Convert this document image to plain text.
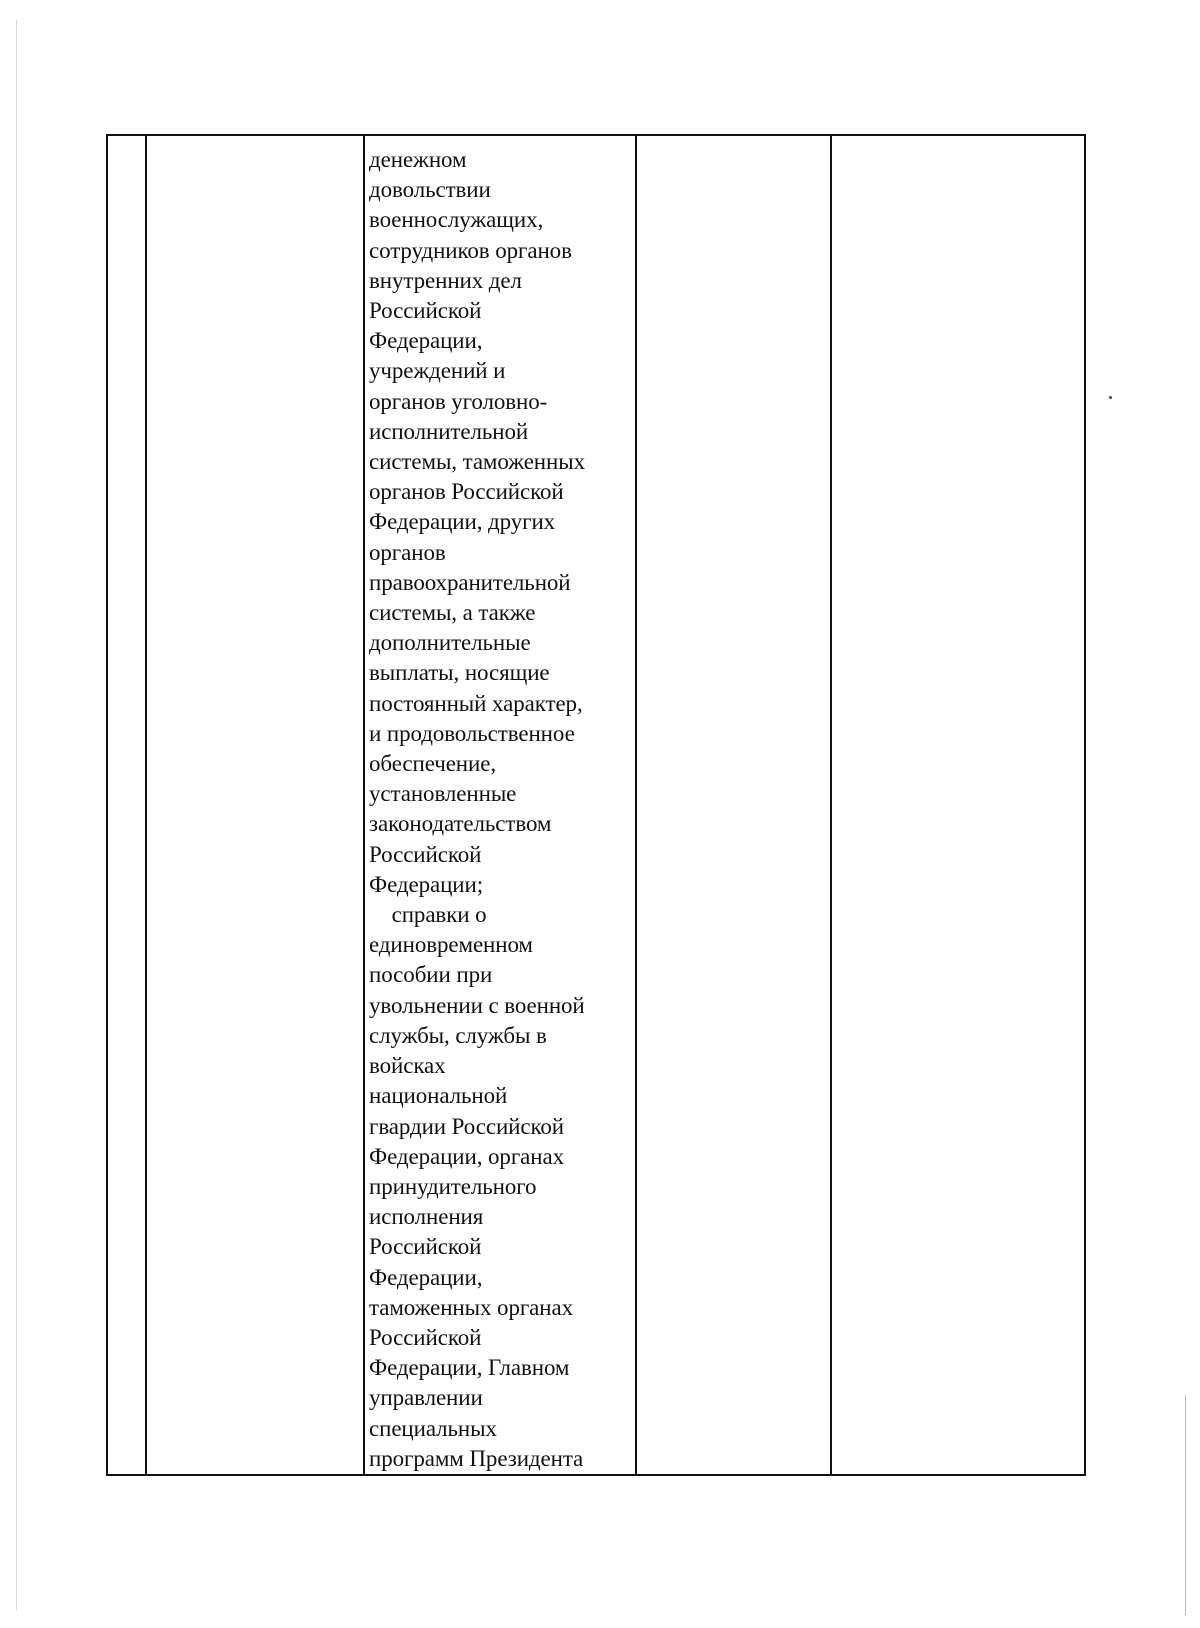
денежном
довольствии
военнослужащих,
сотрудников органов
внутренних дел
Российской
Федерации,
учреждений и
органов уголовно-
исполнительной
системы, таможенных
органов Российской
Федерации, других
органов
правоохранительной
системы, а также
дополнительные
выплаты, носящие
постоянный характер,
и продовольственное
обеспечение,
установленные
законодательством
Российской
Федерации;
справки о
единовременном
пособии при
увольнении с военной
службы, службы в
войсках
национальной
гвардии Российской
Федерации, органах
принудительного
исполнения
Российской
Федерации,
таможенных органах
Российской
Федерации, Главном
управлении
специальных
программ Президента
